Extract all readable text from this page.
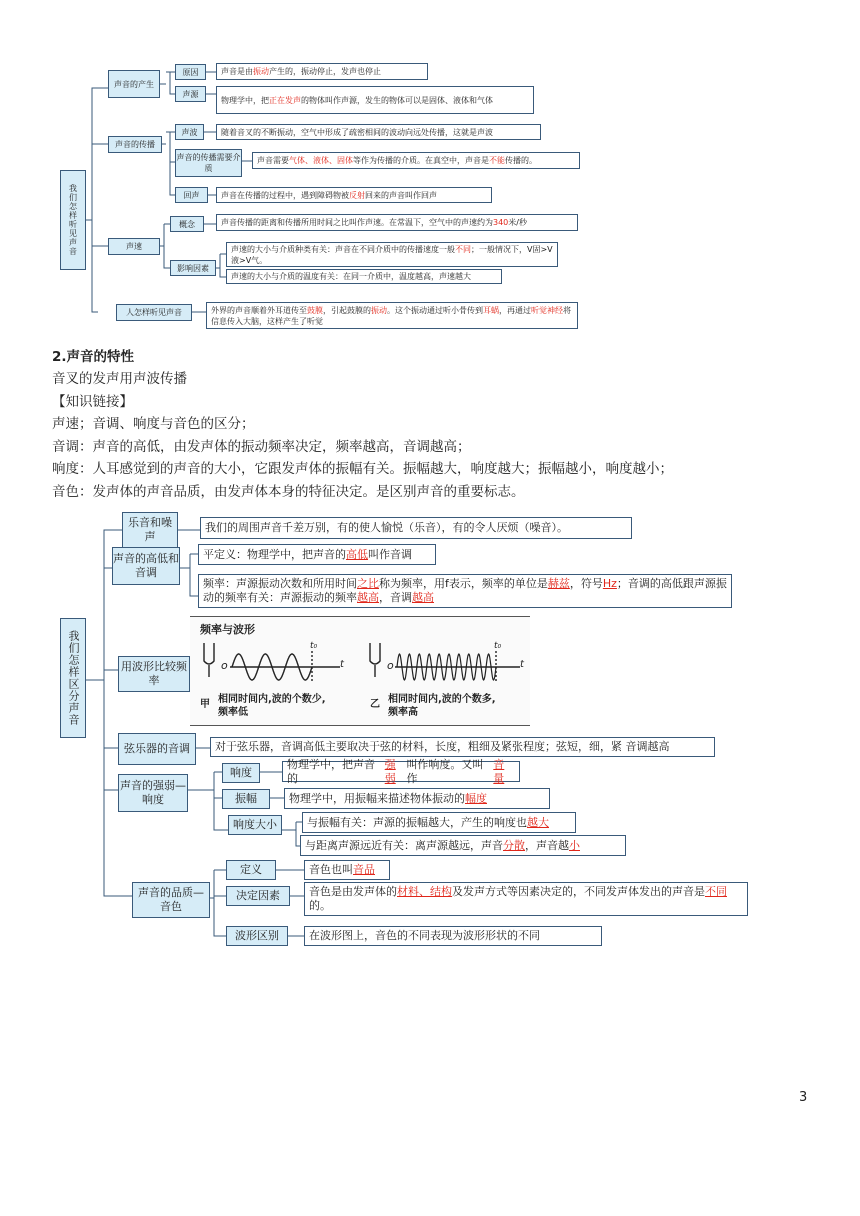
我们怎样听见声音
声音的产生
原因	声音是由 振动 产生的，振动停止，发声也停止
声源
物理学中，把正在发声的物体叫作声源，发生的物体可以是固体、液体和气体
声音的传播
声波	随着音叉的不断振动，空气中形成了疏密相间的波动向远处传播，这就是声波
声音的传播需要介质
声音需要 气体、液体、固体 等作为传播的介质。在真空中，声音是 不能 传播的。
回声	声音在传播的过程中，遇到障碍物被 反射 回来的声音叫作回声
声速
概念	声音传播的距离和传播所用时间之比叫作声速。在常温下，空气中的声速约为 340 米/秒
影响因素
声速的大小与介质种类有关：声音在不同介质中的传播速度一般不同；一般情况下，V固>V液>V气。
声速的大小与介质的温度有关：在同一介质中，温度越高，声速越大
人怎样听见声音	外界的声音顺着外耳道传至鼓膜，引起鼓膜的振动。这个振动通过听小骨传到耳蜗，再通过听觉神经将信息传入大脑，这样产生了听觉
2.声音的特性
音叉的发声用声波传播
【知识链接】
声速；音调、响度与音色的区分；
音调：声音的高低，由发声体的振动频率决定，频率越高，音调越高；
响度：人耳感觉到的声音的大小，它跟发声体的振幅有关。振幅越大，响度越大；振幅越小，响度越小；
音色：发声体的声音品质，由发声体本身的特征决定。是区别声音的重要标志。
我们怎样区分声音
乐音和噪声
我们的周围声音千差万别，有的使人愉悦（乐音），有的令人厌烦（噪音）。
声音的高低和音调
平定义：物理学中，把声音的 高低 叫作音调
频率：声源振动次数和所用时间之比称为频率，用f表示，频率的单位是赫兹，符号Hz；音调的高低跟声源振动的频率有关：声源振动的频率越高，音调越高
用波形比较频率
频率与波形
o
t₀
t	o
t₀
t
甲 相同时间内,波的个数少,
频率低
乙 相同时间内,波的个数多,
频率高
弦乐器的音调	对于弦乐器，音调高低主要取决于弦的材料，长度，粗细及紧张程度；弦短，细，紧 音调越高
声音的强弱—响度
响度
物理学中，把声音的
强弱
叫作响度。又叫作
音量
振幅	物理学中，用振幅来描述物体振动的 幅度
响度大小	与振幅有关：声源的振幅越大，产生的响度也 越大
与距离声源远近有关：离声源越远，声音 分散 ，声音越 小
声音的品质—音色
定义	音色也叫 音品
决定因素	音色是由发声体的材料、结构及发声方式等因素决定的，不同发声体发出的声音是不同的。
波形区别	在波形图上，音色的不同表现为波形形状的不同
3
